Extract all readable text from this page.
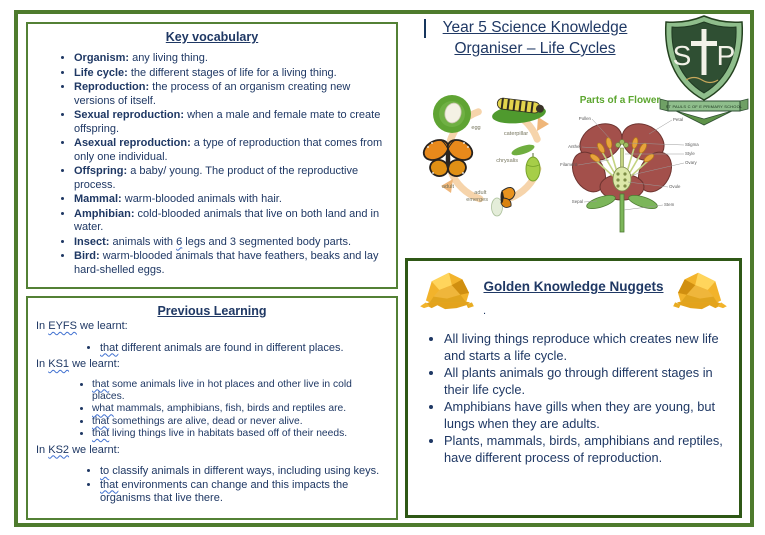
Key vocabulary
• Organism: any living thing.
• Life cycle: the different stages of life for a living thing.
• Reproduction: the process of an organism creating new versions of itself.
• Sexual reproduction: when a male and female mate to create offspring.
• Asexual reproduction: a type of reproduction that comes from only one individual.
• Offspring: a baby/ young. The product of the reproductive process.
• Mammal: warm-blooded animals with hair.
• Amphibian: cold-blooded animals that live on both land and in water.
• Insect: animals with 6 legs and 3 segmented body parts.
• Bird: warm-blooded animals that have feathers, beaks and lay hard-shelled eggs.
Previous Learning
In EYFS we learnt:
• that different animals are found in different places.
In KS1 we learnt:
• that some animals live in hot places and other live in cold places.
• what mammals, amphibians, fish, birds and reptiles are.
• that somethings are alive, dead or never alive.
• that living things live in habitats based off of their needs.
In KS2 we learnt:
• to classify animals in different ways, including using keys.
• that environments can change and this impacts the organisms that live there.
Year 5 Science Knowledge
Organiser – Life Cycles	S P
ST PAULS C OF E PRIMARY SCHOOL
egg
caterpillar
chrysalis
adult emerges
adult
Parts of a Flower
Pollen
Anther
Filament
Sepal
Petal
Stigma
Style
Ovary
Ovule
Stem
Golden Knowledge Nuggets
.
• All living things reproduce which creates new life and starts a life cycle.
• All plants animals go through different stages in their life cycle.
• Amphibians have gills when they are young, but lungs when they are adults.
• Plants, mammals, birds, amphibians and reptiles, have different process of reproduction.
